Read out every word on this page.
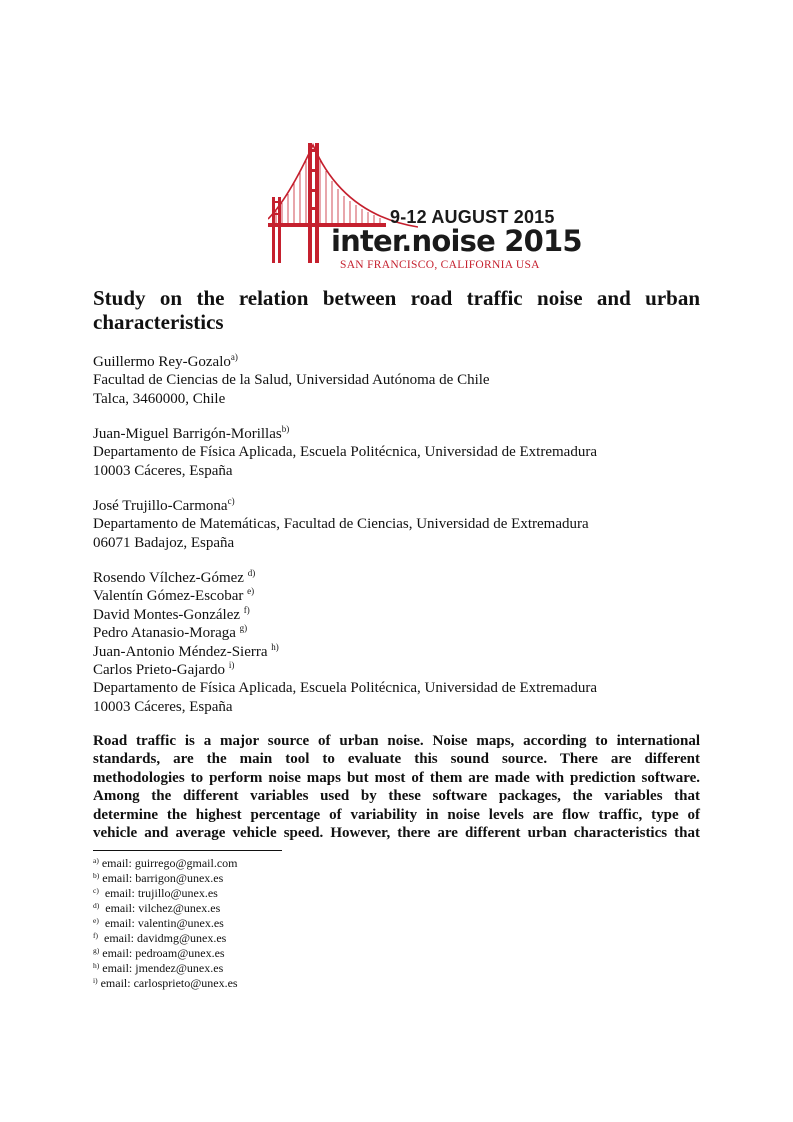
9-12 AUGUST 2015
inter.noise 2015
SAN FRANCISCO, CALIFORNIA USA
Study on the relation between road traffic noise and urban characteristics
Guillermo Rey-Gozalo$^{a)}$
Facultad de Ciencias de la Salud, Universidad Autónoma de Chile
Talca, 3460000, Chile
Juan-Miguel Barrigón-Morillas$^{b)}$
Departamento de Física Aplicada, Escuela Politécnica, Universidad de Extremadura
10003 Cáceres, España
José Trujillo-Carmona$^{c)}$
Departamento de Matemáticas, Facultad de Ciencias, Universidad de Extremadura
06071 Badajoz, España
Rosendo Vílchez-Gómez $^{d)}$
Valentín Gómez-Escobar $^{e)}$
David Montes-González $^{f)}$
Pedro Atanasio-Moraga $^{g)}$
Juan-Antonio Méndez-Sierra $^{h)}$
Carlos Prieto-Gajardo $^{i)}$
Departamento de Física Aplicada, Escuela Politécnica, Universidad de Extremadura
10003 Cáceres, España
Road traffic is a major source of urban noise. Noise maps, according to international
standards, are the main tool to evaluate this sound source. There are different
methodologies to perform noise maps but most of them are made with prediction software.
Among the different variables used by these software packages, the variables that
determine the highest percentage of variability in noise levels are flow traffic, type of
vehicle and average vehicle speed. However, there are different urban characteristics that
$^{a)}$ email: guirrego@gmail.com
$^{b)}$ email: barrigon@unex.es
$^{c)}$ email: trujillo@unex.es
$^{d)}$ email: vilchez@unex.es
$^{e)}$ email: valentin@unex.es
$^{f)}$ email: davidmg@unex.es
$^{g)}$ email: pedroam@unex.es
$^{h)}$ email: jmendez@unex.es
$^{i)}$ email: carlosprieto@unex.es
